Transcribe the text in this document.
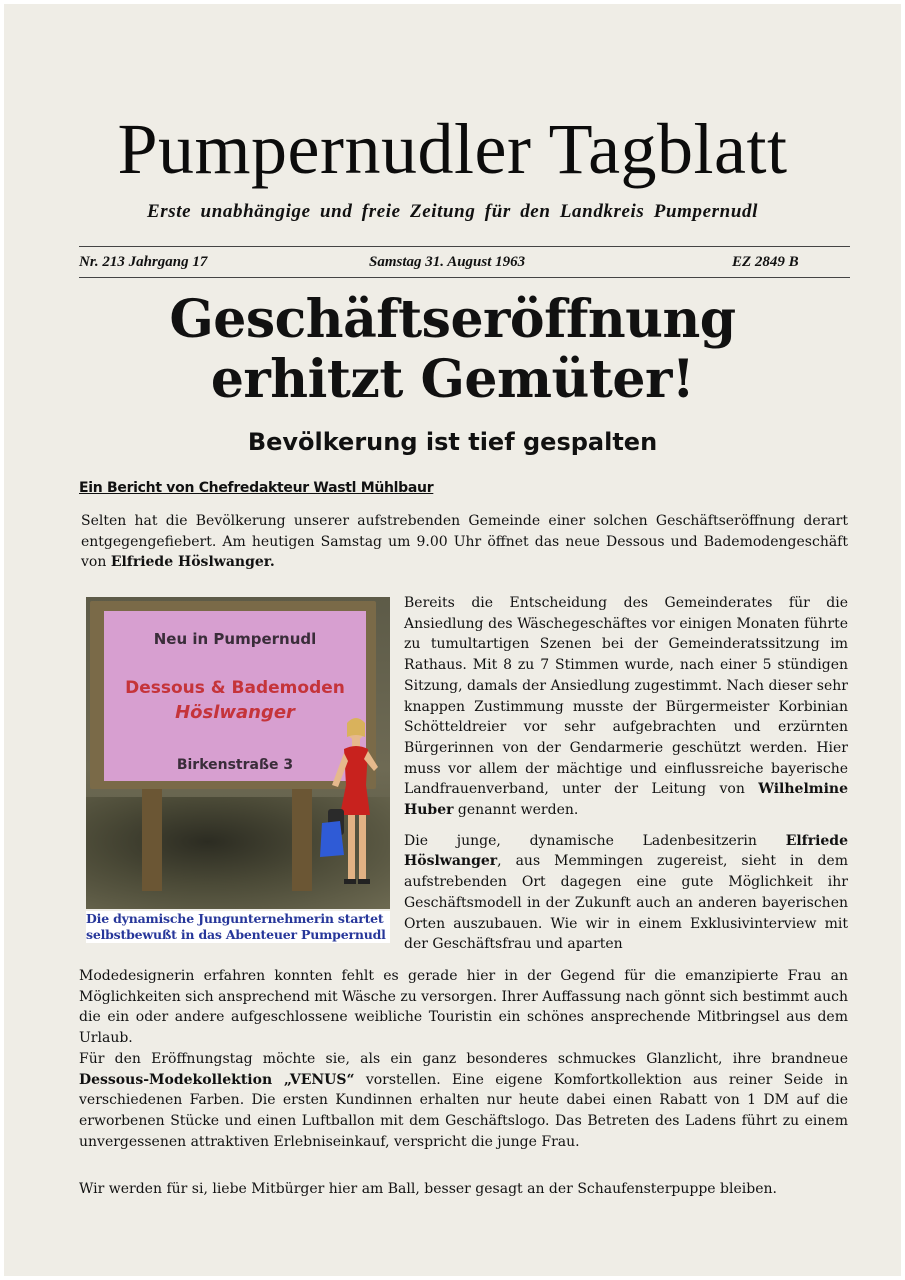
Pumpernudler Tagblatt
Erste unabhängige und freie Zeitung für den Landkreis Pumpernudl
Nr. 213 Jahrgang 17	Samstag 31. August 1963	EZ 2849 B
Geschäftseröffnung
erhitzt Gemüter!
Bevölkerung ist tief gespalten
Ein Bericht von Chefredakteur Wastl Mühlbaur

Selten hat die Bevölkerung unserer aufstrebenden Gemeinde einer solchen Geschäftseröffnung derart entgegengefiebert. Am heutigen Samstag um 9.00 Uhr öffnet das neue Dessous und Bademodengeschäft von Elfriede Höslwanger.

Neu in Pumpernudl
Dessous & Bademoden
Höslwanger
Birkenstraße 3
Die dynamische Jungunternehmerin startet selbstbewußt in das Abenteuer Pumpernudl

Bereits die Entscheidung des Gemeinderates für die Ansiedlung des Wäschegeschäftes vor einigen Monaten führte zu tumultartigen Szenen bei der Gemeinderatssitzung im Rathaus. Mit 8 zu 7 Stimmen wurde, nach einer 5 stündigen Sitzung, damals der Ansiedlung zugestimmt. Nach dieser sehr knappen Zustimmung musste der Bürgermeister Korbinian Schötteldreier vor sehr aufgebrachten und erzürnten Bürgerinnen von der Gendarmerie geschützt werden. Hier muss vor allem der mächtige und einflussreiche bayerische Landfrauenverband, unter der Leitung von Wilhelmine Huber genannt werden.

Die junge, dynamische Ladenbesitzerin Elfriede Höslwanger, aus Memmingen zugereist, sieht in dem aufstrebenden Ort dagegen eine gute Möglichkeit ihr Geschäftsmodell in der Zukunft auch an anderen bayerischen Orten auszubauen. Wie wir in einem Exklusivinterview mit der Geschäftsfrau und aparten

Modedesignerin erfahren konnten fehlt es gerade hier in der Gegend für die emanzipierte Frau an Möglichkeiten sich ansprechend mit Wäsche zu versorgen. Ihrer Auffassung nach gönnt sich bestimmt auch die ein oder andere aufgeschlossene weibliche Touristin ein schönes ansprechende Mitbringsel aus dem Urlaub.

Für den Eröffnungstag möchte sie, als ein ganz besonderes schmuckes Glanzlicht, ihre brandneue Dessous-Modekollektion „VENUS“ vorstellen. Eine eigene Komfortkollektion aus reiner Seide in verschiedenen Farben. Die ersten Kundinnen erhalten nur heute dabei einen Rabatt von 1 DM auf die erworbenen Stücke und einen Luftballon mit dem Geschäftslogo. Das Betreten des Ladens führt zu einem unvergessenen attraktiven Erlebniseinkauf, verspricht die junge Frau.

Wir werden für si, liebe Mitbürger hier am Ball, besser gesagt an der Schaufensterpuppe bleiben.
